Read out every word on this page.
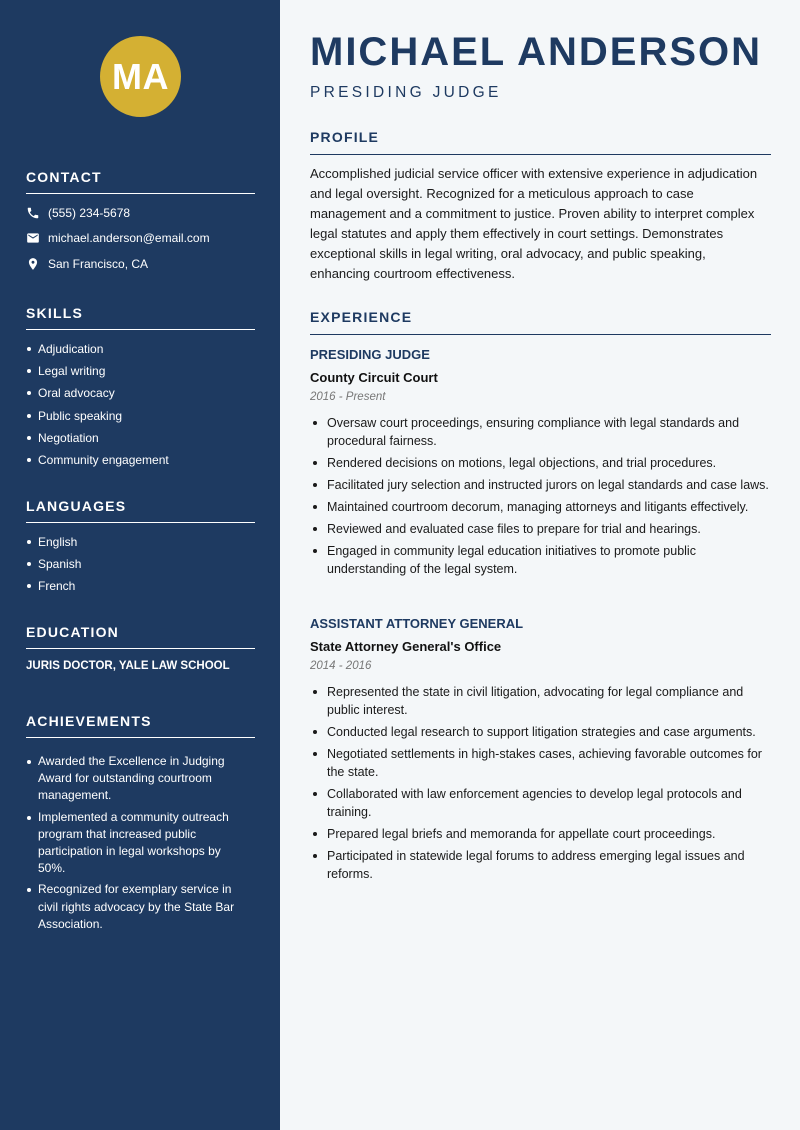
MA
CONTACT
(555) 234-5678
michael.anderson@email.com
San Francisco, CA
SKILLS
Adjudication
Legal writing
Oral advocacy
Public speaking
Negotiation
Community engagement
LANGUAGES
English
Spanish
French
EDUCATION
JURIS DOCTOR, YALE LAW SCHOOL
ACHIEVEMENTS
Awarded the Excellence in Judging Award for outstanding courtroom management.
Implemented a community outreach program that increased public participation in legal workshops by 50%.
Recognized for exemplary service in civil rights advocacy by the State Bar Association.
MICHAEL ANDERSON
PRESIDING JUDGE
PROFILE
Accomplished judicial service officer with extensive experience in adjudication and legal oversight. Recognized for a meticulous approach to case management and a commitment to justice. Proven ability to interpret complex legal statutes and apply them effectively in court settings. Demonstrates exceptional skills in legal writing, oral advocacy, and public speaking, enhancing courtroom effectiveness.
EXPERIENCE
PRESIDING JUDGE
County Circuit Court
2016 - Present
Oversaw court proceedings, ensuring compliance with legal standards and procedural fairness.
Rendered decisions on motions, legal objections, and trial procedures.
Facilitated jury selection and instructed jurors on legal standards and case laws.
Maintained courtroom decorum, managing attorneys and litigants effectively.
Reviewed and evaluated case files to prepare for trial and hearings.
Engaged in community legal education initiatives to promote public understanding of the legal system.
ASSISTANT ATTORNEY GENERAL
State Attorney General's Office
2014 - 2016
Represented the state in civil litigation, advocating for legal compliance and public interest.
Conducted legal research to support litigation strategies and case arguments.
Negotiated settlements in high-stakes cases, achieving favorable outcomes for the state.
Collaborated with law enforcement agencies to develop legal protocols and training.
Prepared legal briefs and memoranda for appellate court proceedings.
Participated in statewide legal forums to address emerging legal issues and reforms.
